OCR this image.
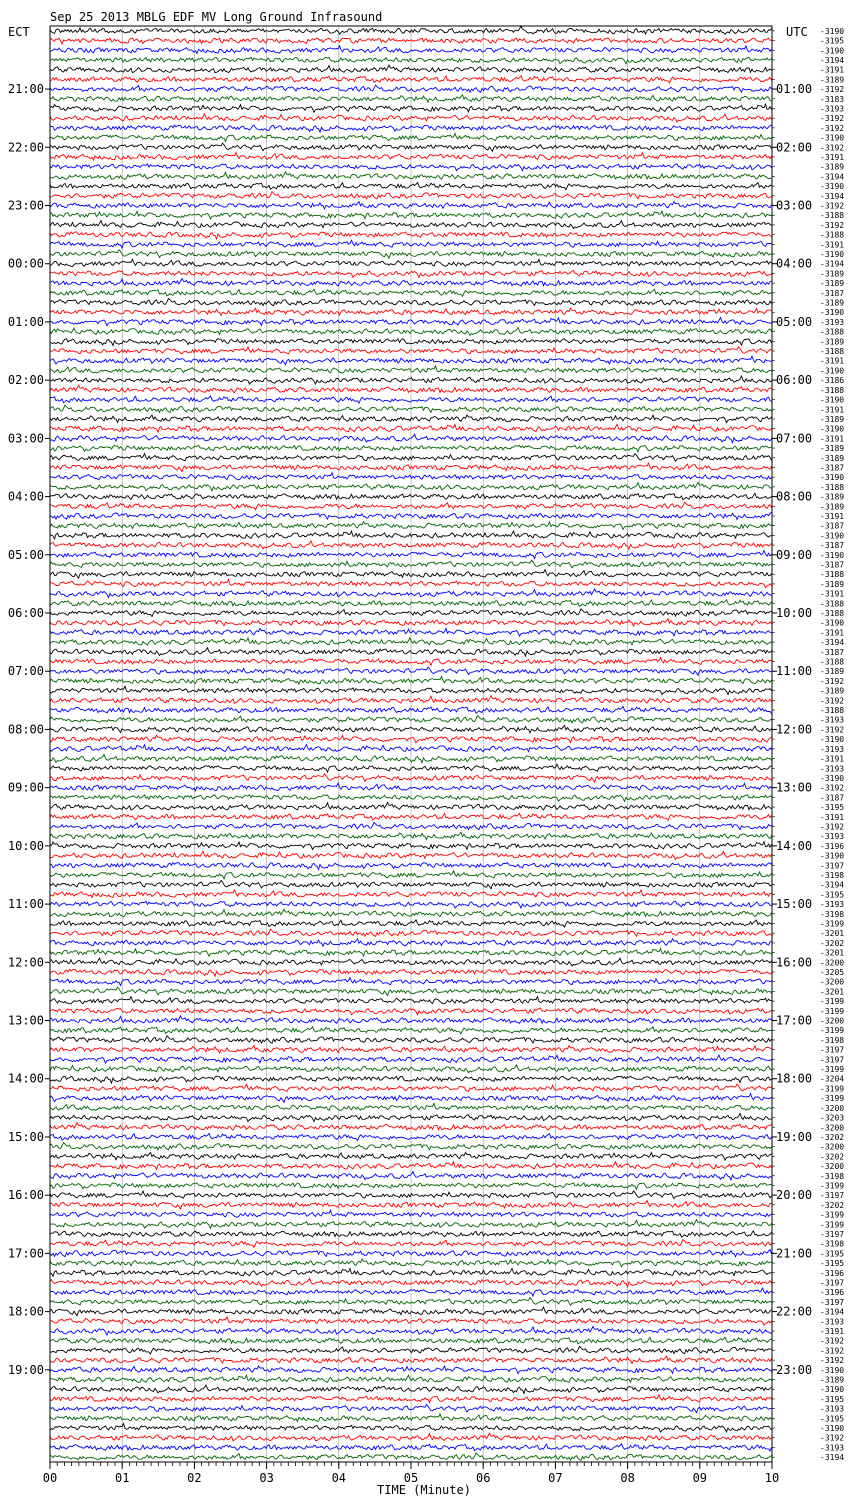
Sep 25 2013 MBLG EDF MV Long Ground Infrasound
ECT	UTC
TIME (Minute)
21:00
22:00
23:00
00:00
01:00
02:00
03:00
04:00
05:00
06:00
07:00
08:00
09:00
10:00
11:00
12:00
13:00
14:00
15:00
16:00
17:00
18:00
19:00
01:00
02:00
03:00
04:00
05:00
06:00
07:00
08:00
09:00
10:00
11:00
12:00
13:00
14:00
15:00
16:00
17:00
18:00
19:00
20:00
21:00
22:00
23:00
-3190
-3195
-3190
-3194
-3191
-3189
-3192
-3183
-3193
-3192
-3192
-3190
-3192
-3191
-3189
-3194
-3190
-3194
-3192
-3188
-3192
-3188
-3191
-3190
-3194
-3189
-3189
-3187
-3189
-3190
-3193
-3188
-3189
-3188
-3191
-3190
-3186
-3188
-3190
-3191
-3189
-3190
-3191
-3189
-3189
-3187
-3190
-3188
-3189
-3189
-3191
-3187
-3190
-3187
-3190
-3187
-3188
-3189
-3191
-3188
-3188
-3190
-3191
-3194
-3187
-3188
-3189
-3192
-3189
-3192
-3188
-3193
-3192
-3190
-3193
-3191
-3193
-3190
-3192
-3187
-3195
-3191
-3192
-3193
-3196
-3190
-3197
-3198
-3194
-3195
-3193
-3198
-3199
-3201
-3202
-3201
-3200
-3205
-3200
-3201
-3199
-3199
-3200
-3199
-3198
-3197
-3197
-3199
-3204
-3199
-3199
-3200
-3203
-3200
-3202
-3200
-3202
-3200
-3198
-3199
-3197
-3202
-3199
-3199
-3197
-3198
-3195
-3195
-3196
-3197
-3196
-3197
-3194
-3193
-3191
-3192
-3192
-3192
-3190
-3189
-3190
-3195
-3193
-3195
-3190
-3192
-3193
-3194
00	01	02	03	04	05	06	07	08	09	10
